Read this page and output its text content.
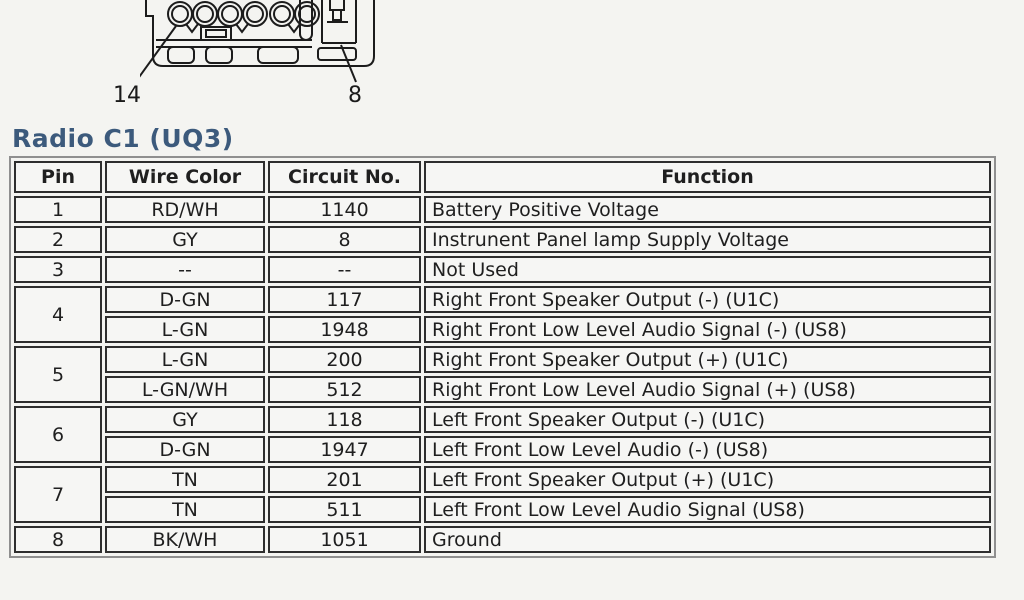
14	8
Radio C1 (UQ3)
Pin	Wire Color	Circuit No.	Function
1	RD/WH	1140	Battery Positive Voltage
2	GY	8	Instrunent Panel lamp Supply Voltage
3	--	--	Not Used
4	D-GN	117	Right Front Speaker Output (-) (U1C)
	L-GN	1948	Right Front Low Level Audio Signal (-) (US8)
5	L-GN	200	Right Front Speaker Output (+) (U1C)
	L-GN/WH	512	Right Front Low Level Audio Signal (+) (US8)
6	GY	118	Left Front Speaker Output (-) (U1C)
	D-GN	1947	Left Front Low Level Audio (-) (US8)
7	TN	201	Left Front Speaker Output (+) (U1C)
	TN	511	Left Front Low Level Audio Signal (US8)
8	BK/WH	1051	Ground
